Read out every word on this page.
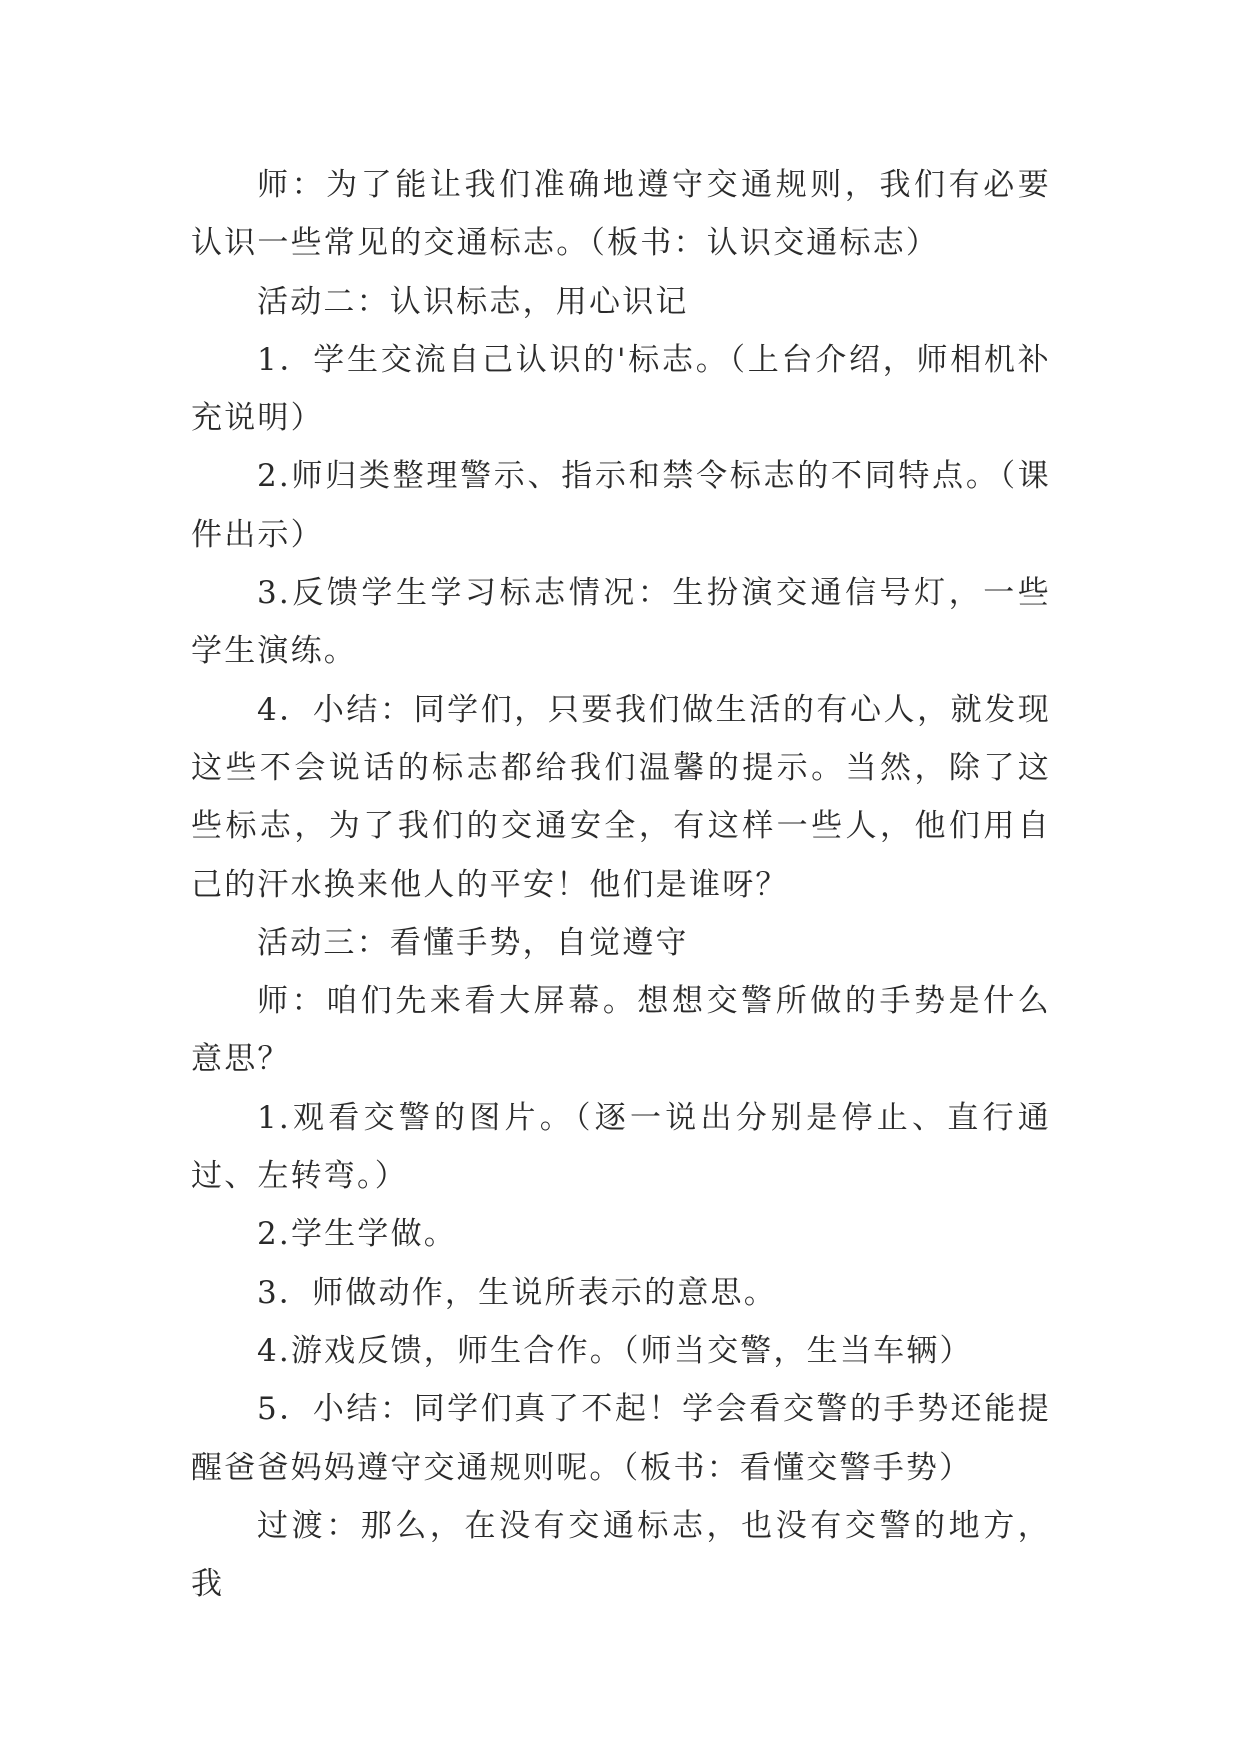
师：为了能让我们准确地遵守交通规则，我们有必要认识一些常见的交通标志。（板书：认识交通标志）

活动二：认识标志，用心识记

1．学生交流自己认识的'标志。（上台介绍，师相机补充说明）

2.师归类整理警示、指示和禁令标志的不同特点。（课件出示）

3.反馈学生学习标志情况：生扮演交通信号灯，一些学生演练。

4．小结：同学们，只要我们做生活的有心人，就发现这些不会说话的标志都给我们温馨的提示。当然，除了这些标志，为了我们的交通安全，有这样一些人，他们用自己的汗水换来他人的平安！他们是谁呀？

活动三：看懂手势，自觉遵守

师：咱们先来看大屏幕。想想交警所做的手势是什么意思？

1.观看交警的图片。（逐一说出分别是停止、直行通过、左转弯。）

2.学生学做。

3．师做动作，生说所表示的意思。

4.游戏反馈，师生合作。（师当交警，生当车辆）

5．小结：同学们真了不起！学会看交警的手势还能提醒爸爸妈妈遵守交通规则呢。（板书：看懂交警手势）

过渡：那么，在没有交通标志，也没有交警的地方，我
